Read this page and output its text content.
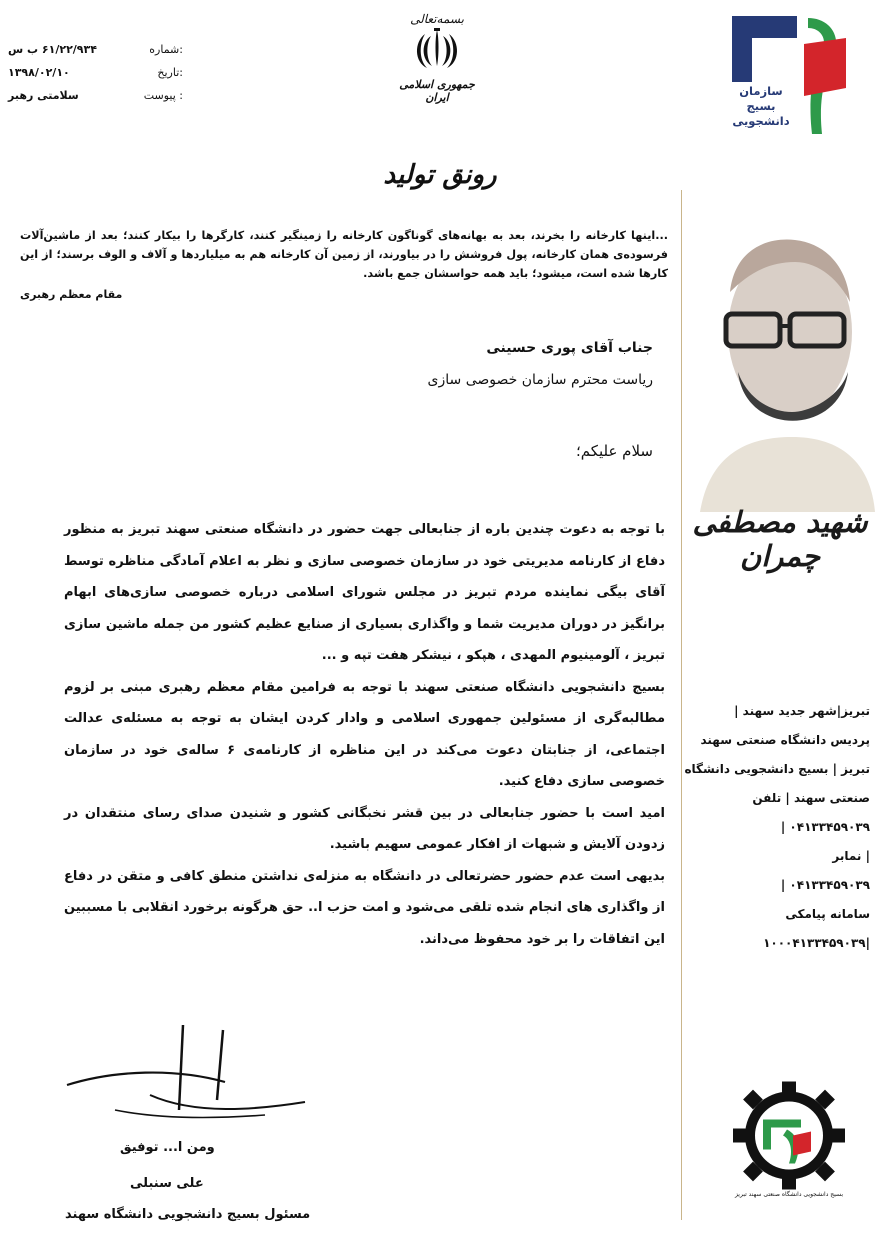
۶۱/۲۲/۹۳۴ ب س	شماره:
۱۳۹۸/۰۲/۱۰	تاریخ:
سلامتی رهبر	پیوست :
بسمه‌تعالی
جمهوری اسلامی ایران
رونق تولید
...اینها کارخانه را بخرند، بعد به بهانه‌های گوناگون کارخانه را زمینگیر کنند، کارگرها را بیکار کنند؛ بعد از ماشین‌آلات فرسوده‌ی همان کارخانه، پول فروشش را در بیاورند، از زمین آن کارخانه هم به میلیاردها و آلاف و الوف برسند؛ از این کارها شده است، میشود؛ باید همه حواسشان جمع باشد.
مقام معظم رهبری
جناب آقای پوری حسینی
ریاست محترم سازمان خصوصی سازی
سلام علیکم؛

با توجه به دعوت چندین باره از جنابعالی جهت حضور در دانشگاه صنعتی سهند تبریز به منظور دفاع از کارنامه مدیریتی خود در سازمان خصوصی سازی و نظر به اعلام آمادگی مناظره توسط آقای بیگی نماینده مردم تبریز در مجلس شورای اسلامی درباره خصوصی سازی‌های ابهام برانگیز در دوران مدیریت شما و واگذاری بسیاری از صنایع عظیم کشور من جمله ماشین سازی تبریز ، آلومینیوم المهدی ، هپکو ، نیشکر هفت تپه و ...

بسیج دانشجویی دانشگاه صنعتی سهند با توجه به فرامین مقام معظم رهبری مبنی بر لزوم مطالبه‌گری از مسئولین جمهوری اسلامی و وادار کردن ایشان به توجه به مسئله‌ی عدالت اجتماعی، از جنابتان دعوت می‌کند در این مناظره از کارنامه‌ی ۶ ساله‌ی خود در سازمان خصوصی سازی دفاع کنید.

امید است با حضور جنابعالی در بین قشر نخبگانی کشور و شنیدن صدای رسای منتقدان در زدودن آلایش و شبهات از افکار عمومی سهیم باشید.

بدیهی است عدم حضور حضرتعالی در دانشگاه به منزله‌ی نداشتن منطق کافی و متقن در دفاع از واگذاری های انجام شده تلقی می‌شود و امت حزب ا.. حق هرگونه برخورد انقلابی با مسببین این اتفاقات را بر خود محفوظ می‌داند.

ومن ا... توفیق
علی سنبلی
مسئول بسیج دانشجویی دانشگاه سهند
سازمان
بسیج
دانشجویی
شهید مصطفی چمران
تبریز|شهر جدید سهند |
پردیس دانشگاه صنعتی سهند
تبریز | بسیج دانشجویی دانشگاه
صنعتی سهند | تلفن
۰۴۱۳۳۴۵۹۰۳۹ |
| نمابر
۰۴۱۳۳۴۵۹۰۳۹ |
سامانه پیامکی
|۱۰۰۰۴۱۳۳۴۵۹۰۳۹
بسیج دانشجویی دانشگاه صنعتی سهند تبریز
